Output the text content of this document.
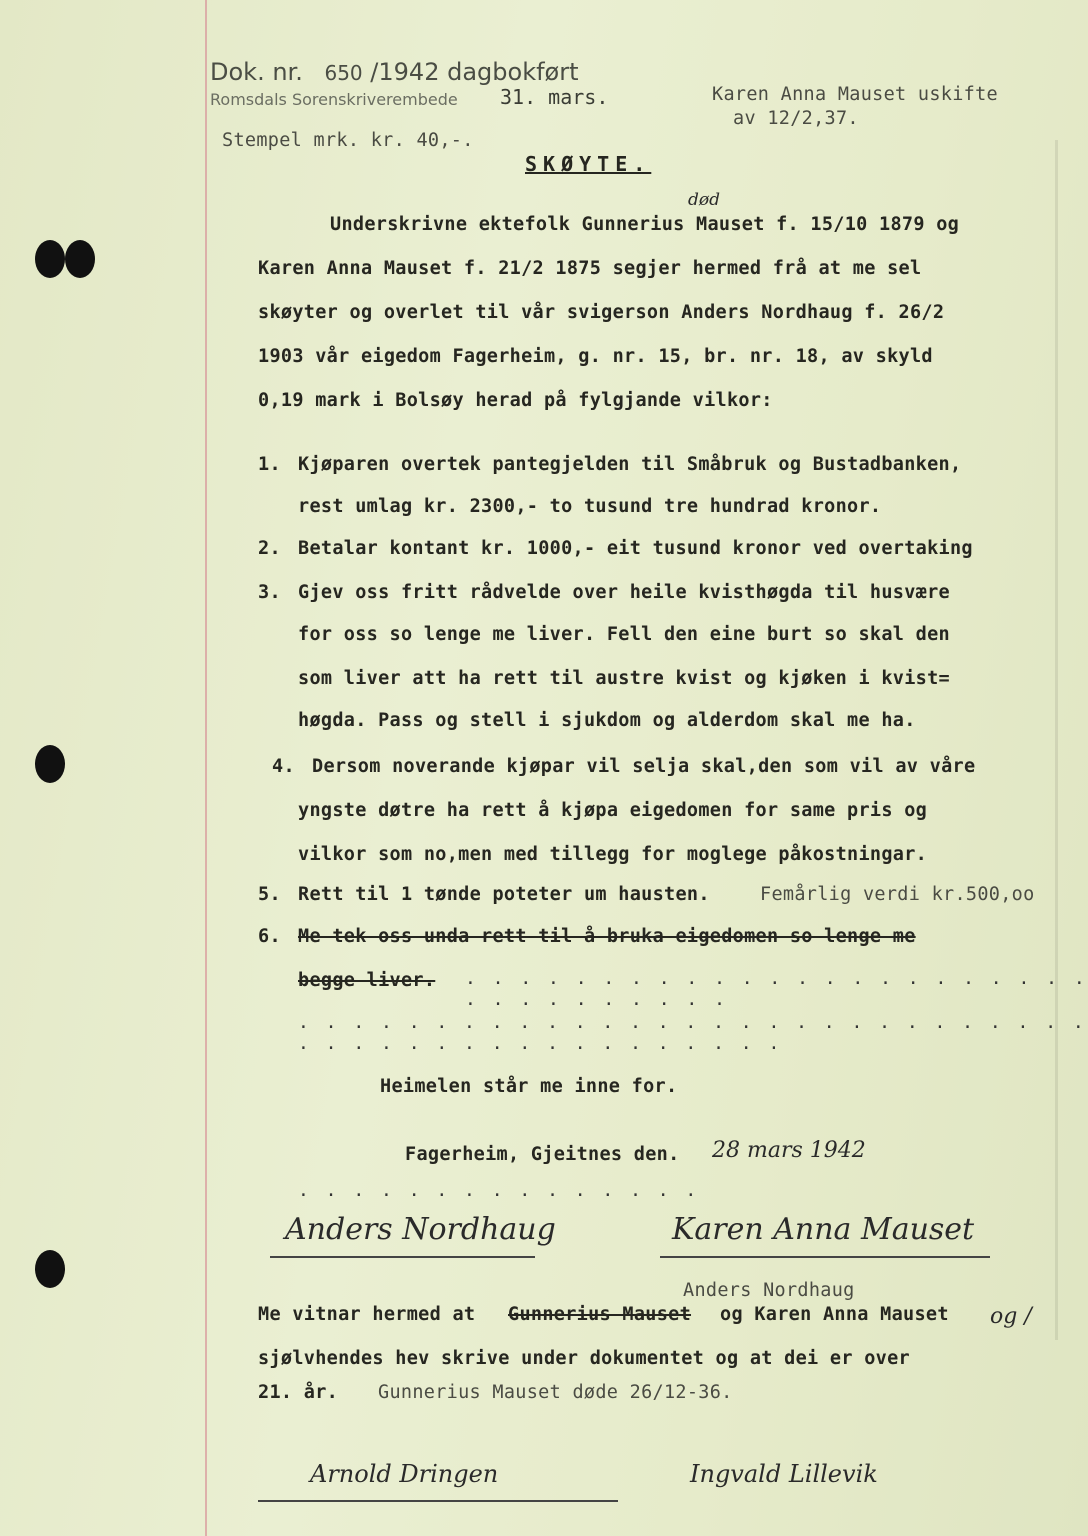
Dok. nr. 650 /1942 dagbokført
Romsdals Sorenskriverembede 31. mars.	Karen Anna Mauset uskifte
av 12/2,37.
Stempel mrk. kr. 40,-.
SKØYTE.
død
Underskrivne ektefolk Gunnerius Mauset f. 15/10 1879 og
Karen Anna Mauset f. 21/2 1875 segjer hermed frå at me sel
skøyter og overlet til vår svigerson Anders Nordhaug f. 26/2
1903 vår eigedom Fagerheim, g. nr. 15, br. nr. 18, av skyld
0,19 mark i Bolsøy herad på fylgjande vilkor:
1. Kjøparen overtek pantegjelden til Småbruk og Bustadbanken,
rest umlag kr. 2300,- to tusund tre hundrad kronor.
2. Betalar kontant kr. 1000,- eit tusund kronor ved overtaking
3. Gjev oss fritt rådvelde over heile kvisthøgda til husvære
for oss so lenge me liver. Fell den eine burt so skal den
som liver att ha rett til austre kvist og kjøken i kvist=
høgda. Pass og stell i sjukdom og alderdom skal me ha.
4. Dersom noverande kjøpar vil selja skal,den som vil av våre
yngste døtre ha rett å kjøpa eigedomen for same pris og
vilkor som no,men med tillegg for moglege påkostningar.
5. Rett til 1 tønde poteter um hausten.	Femårlig verdi kr.500,oo
6. Me tek oss unda rett til å bruka eigedomen so lenge me
begge liver. . . . . . . . . . . . . . . . . . . . . . . . . . . . . . . . . .
. . . . . . . . . . . . . . . . . . . . . . . . . . . . . . . . . . . . . . . . . . . . . . .
Heimelen står me inne for.
Fagerheim, Gjeitnes den. 28 mars 1942
. . . . . . . . . . . . . . .
Anders Nordhaug	Karen Anna Mauset
Anders Nordhaug
Me vitnar hermed at Gunnerius Mauset og Karen Anna Mauset og /
sjølvhendes hev skrive under dokumentet og at dei er over
21. år. Gunnerius Mauset døde 26/12-36.
Arnold Dringen	Ingvald Lillevik
